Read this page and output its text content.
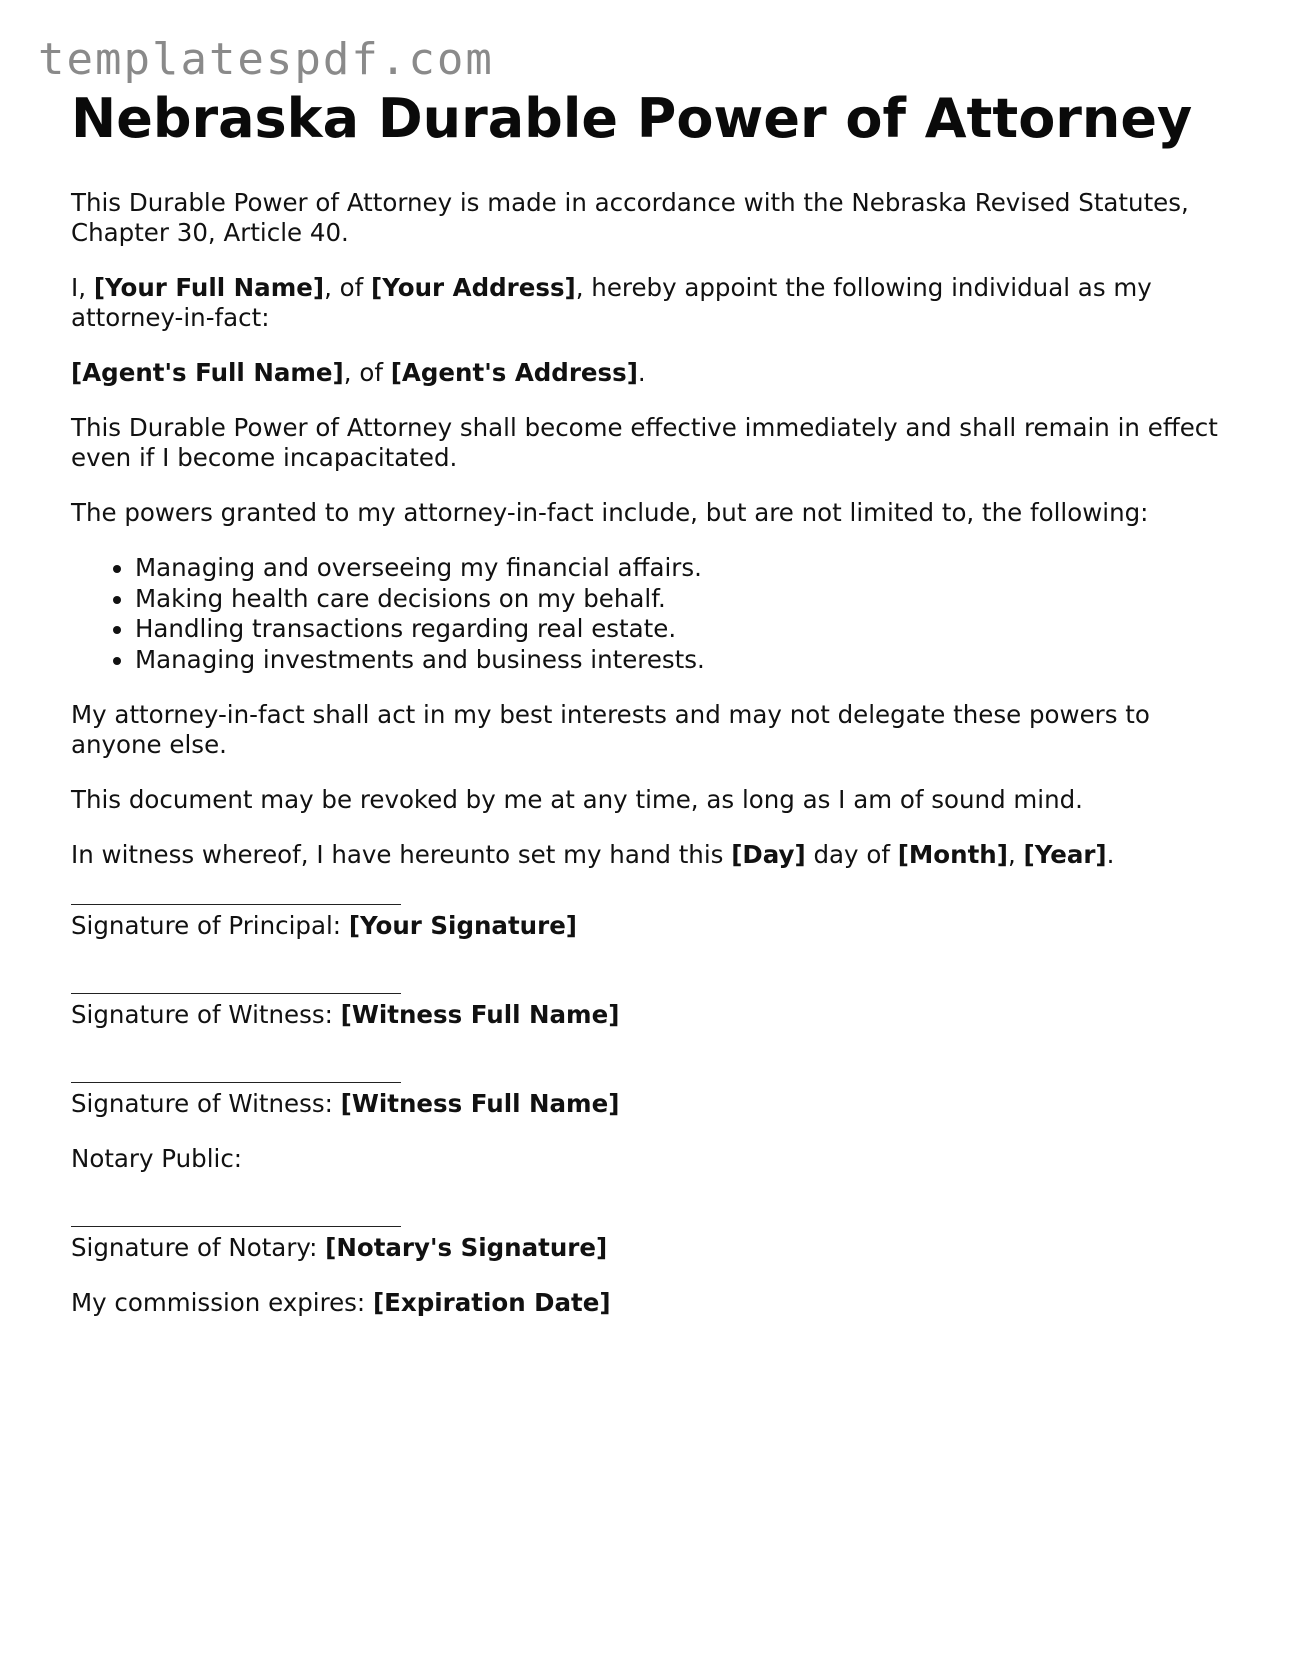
templatespdf.com
Nebraska Durable Power of Attorney

This Durable Power of Attorney is made in accordance with the Nebraska Revised Statutes, Chapter 30, Article 40.

I, [Your Full Name], of [Your Address], hereby appoint the following individual as my attorney-in-fact:

[Agent's Full Name], of [Agent's Address].

This Durable Power of Attorney shall become effective immediately and shall remain in effect even if I become incapacitated.

The powers granted to my attorney-in-fact include, but are not limited to, the following:

• Managing and overseeing my financial affairs.
• Making health care decisions on my behalf.
• Handling transactions regarding real estate.
• Managing investments and business interests.

My attorney-in-fact shall act in my best interests and may not delegate these powers to anyone else.

This document may be revoked by me at any time, as long as I am of sound mind.

In witness whereof, I have hereunto set my hand this [Day] day of [Month], [Year].

Signature of Principal: [Your Signature]

Signature of Witness: [Witness Full Name]

Signature of Witness: [Witness Full Name]

Notary Public:

Signature of Notary: [Notary's Signature]

My commission expires: [Expiration Date]
